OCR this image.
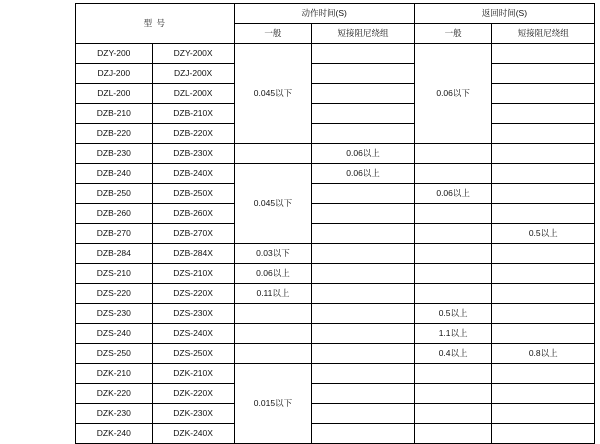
型 号		动作时间(S)		返回时间(S)	
		一般	短接阻尼绕组	一般	短接阻尼绕组
DZY-200	DZY-200X	0.045以下		0.06以下	
DZJ-200	DZJ-200X				
DZL-200	DZL-200X				
DZB-210	DZB-210X				
DZB-220	DZB-220X				
DZB-230	DZB-230X		0.06以上		
DZB-240	DZB-240X	0.045以下	0.06以上		
DZB-250	DZB-250X			0.06以上	
DZB-260	DZB-260X				
DZB-270	DZB-270X				0.5以上
DZB-284	DZB-284X	0.03以下			
DZS-210	DZS-210X	0.06以上			
DZS-220	DZS-220X	0.11以上			
DZS-230	DZS-230X			0.5以上	
DZS-240	DZS-240X			1.1以上	
DZS-250	DZS-250X			0.4以上	0.8以上
DZK-210	DZK-210X	0.015以下			
DZK-220	DZK-220X				
DZK-230	DZK-230X				
DZK-240	DZK-240X				
